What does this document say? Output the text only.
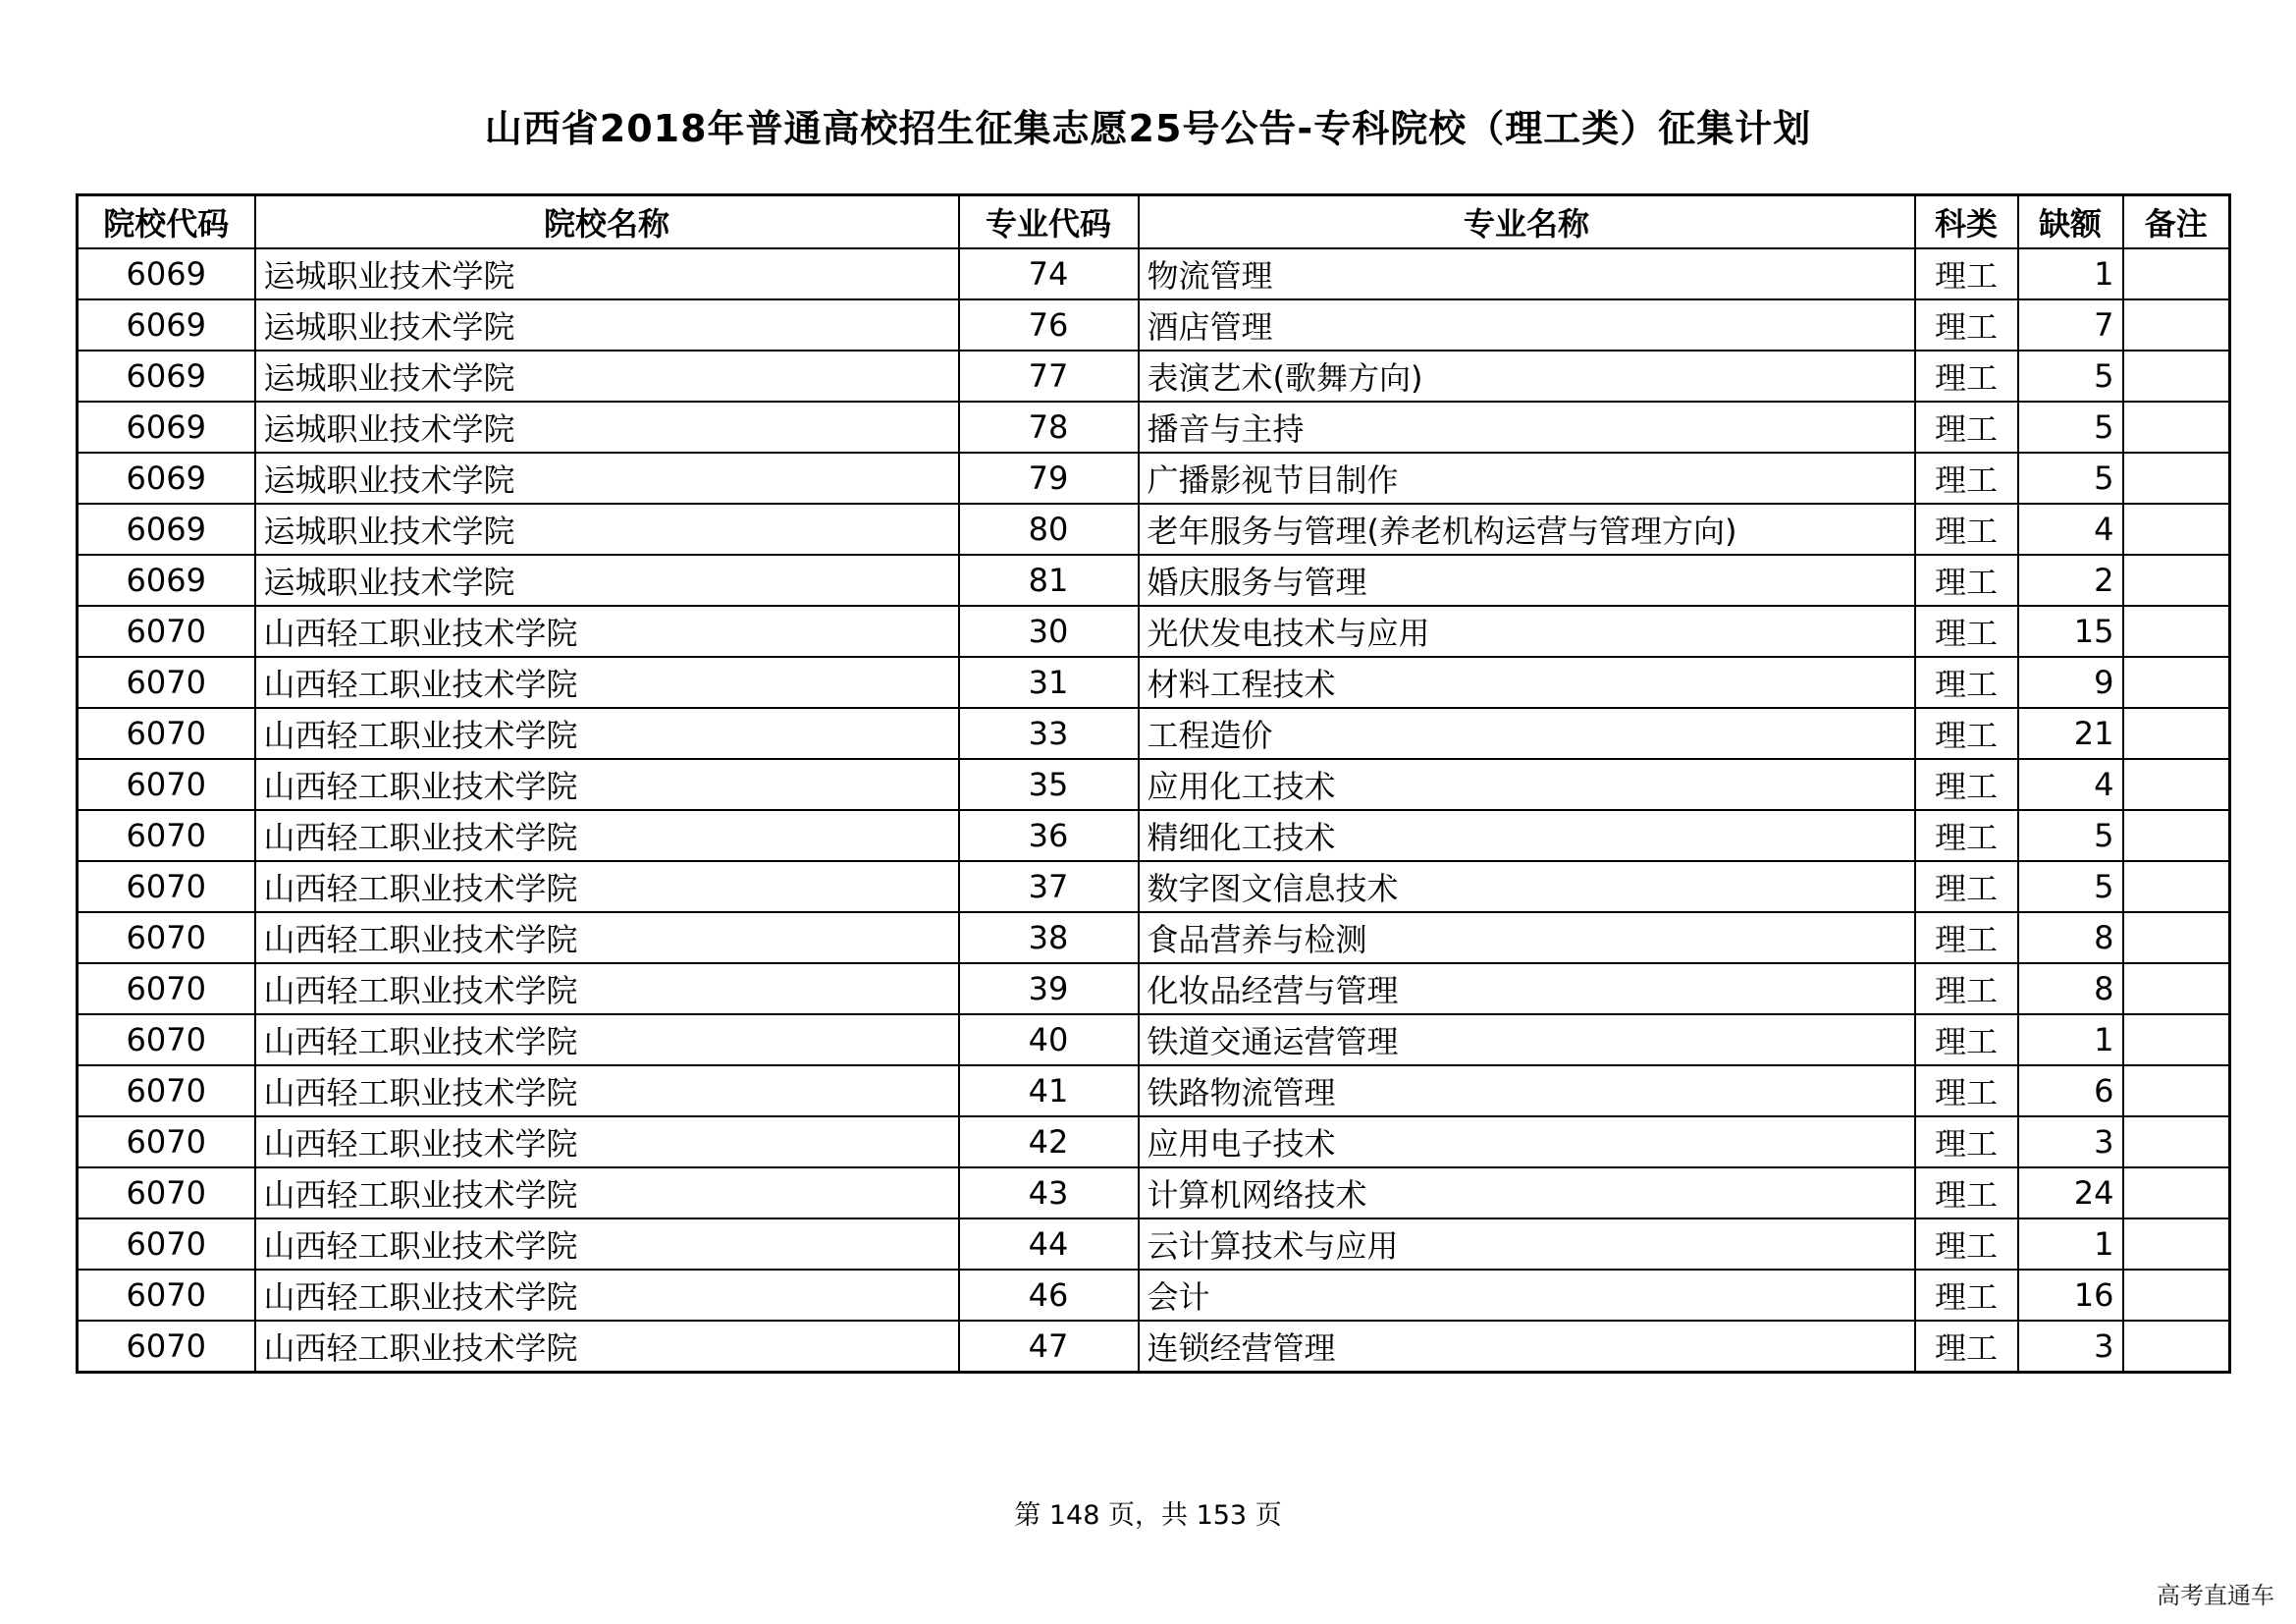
山西省2018年普通高校招生征集志愿25号公告-专科院校（理工类）征集计划
院校代码	院校名称	专业代码	专业名称	科类	缺额	备注
6069	运城职业技术学院	74	物流管理	理工	1	
6069	运城职业技术学院	76	酒店管理	理工	7	
6069	运城职业技术学院	77	表演艺术(歌舞方向)	理工	5	
6069	运城职业技术学院	78	播音与主持	理工	5	
6069	运城职业技术学院	79	广播影视节目制作	理工	5	
6069	运城职业技术学院	80	老年服务与管理(养老机构运营与管理方向)	理工	4	
6069	运城职业技术学院	81	婚庆服务与管理	理工	2	
6070	山西轻工职业技术学院	30	光伏发电技术与应用	理工	15	
6070	山西轻工职业技术学院	31	材料工程技术	理工	9	
6070	山西轻工职业技术学院	33	工程造价	理工	21	
6070	山西轻工职业技术学院	35	应用化工技术	理工	4	
6070	山西轻工职业技术学院	36	精细化工技术	理工	5	
6070	山西轻工职业技术学院	37	数字图文信息技术	理工	5	
6070	山西轻工职业技术学院	38	食品营养与检测	理工	8	
6070	山西轻工职业技术学院	39	化妆品经营与管理	理工	8	
6070	山西轻工职业技术学院	40	铁道交通运营管理	理工	1	
6070	山西轻工职业技术学院	41	铁路物流管理	理工	6	
6070	山西轻工职业技术学院	42	应用电子技术	理工	3	
6070	山西轻工职业技术学院	43	计算机网络技术	理工	24	
6070	山西轻工职业技术学院	44	云计算技术与应用	理工	1	
6070	山西轻工职业技术学院	46	会计	理工	16	
6070	山西轻工职业技术学院	47	连锁经营管理	理工	3	
第 148 页，共 153 页
高考直通车
